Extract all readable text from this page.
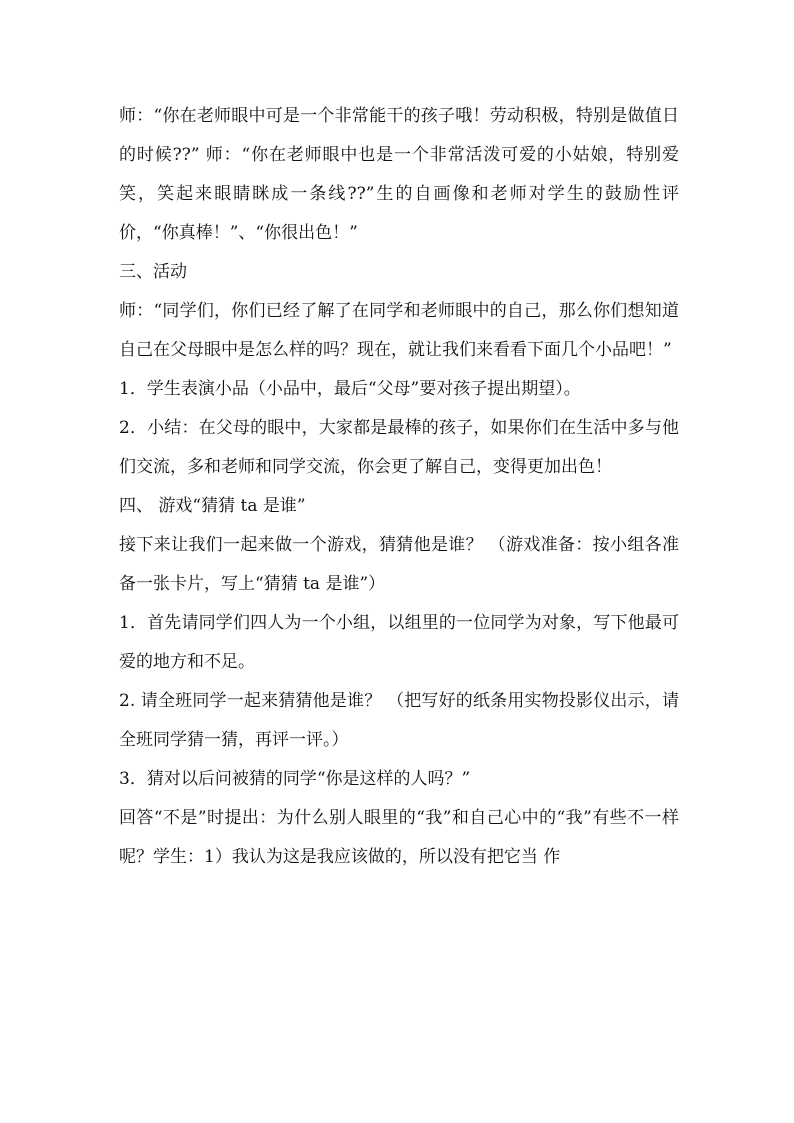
师：“你在老师眼中可是一个非常能干的孩子哦！劳动积极，特别是做值日的时候??” 师：“你在老师眼中也是一个非常活泼可爱的小姑娘，特别爱笑，笑起来眼睛眯成一条线??”生的自画像和老师对学生的鼓励性评价，“你真棒！”、“你很出色！”

三、活动

师：“同学们，你们已经了解了在同学和老师眼中的自己，那么你们想知道自己在父母眼中是怎么样的吗？现在，就让我们来看看下面几个小品吧！”

1．学生表演小品（小品中，最后“父母”要对孩子提出期望）。

2．小结：在父母的眼中，大家都是最棒的孩子，如果你们在生活中多与他们交流，多和老师和同学交流，你会更了解自己，变得更加出色！

四、 游戏“猜猜 ta 是谁”

接下来让我们一起来做一个游戏，猜猜他是谁？ （游戏准备：按小组各准备一张卡片，写上“猜猜 ta 是谁”）

1．首先请同学们四人为一个小组，以组里的一位同学为对象，写下他最可爱的地方和不足。

2. 请全班同学一起来猜猜他是谁？ （把写好的纸条用实物投影仪出示，请全班同学猜一猜，再评一评。）

3．猜对以后问被猜的同学“你是这样的人吗？”

回答“不是”时提出：为什么别人眼里的“我”和自己心中的“我”有些不一样呢？学生：1）我认为这是我应该做的，所以没有把它当 作
